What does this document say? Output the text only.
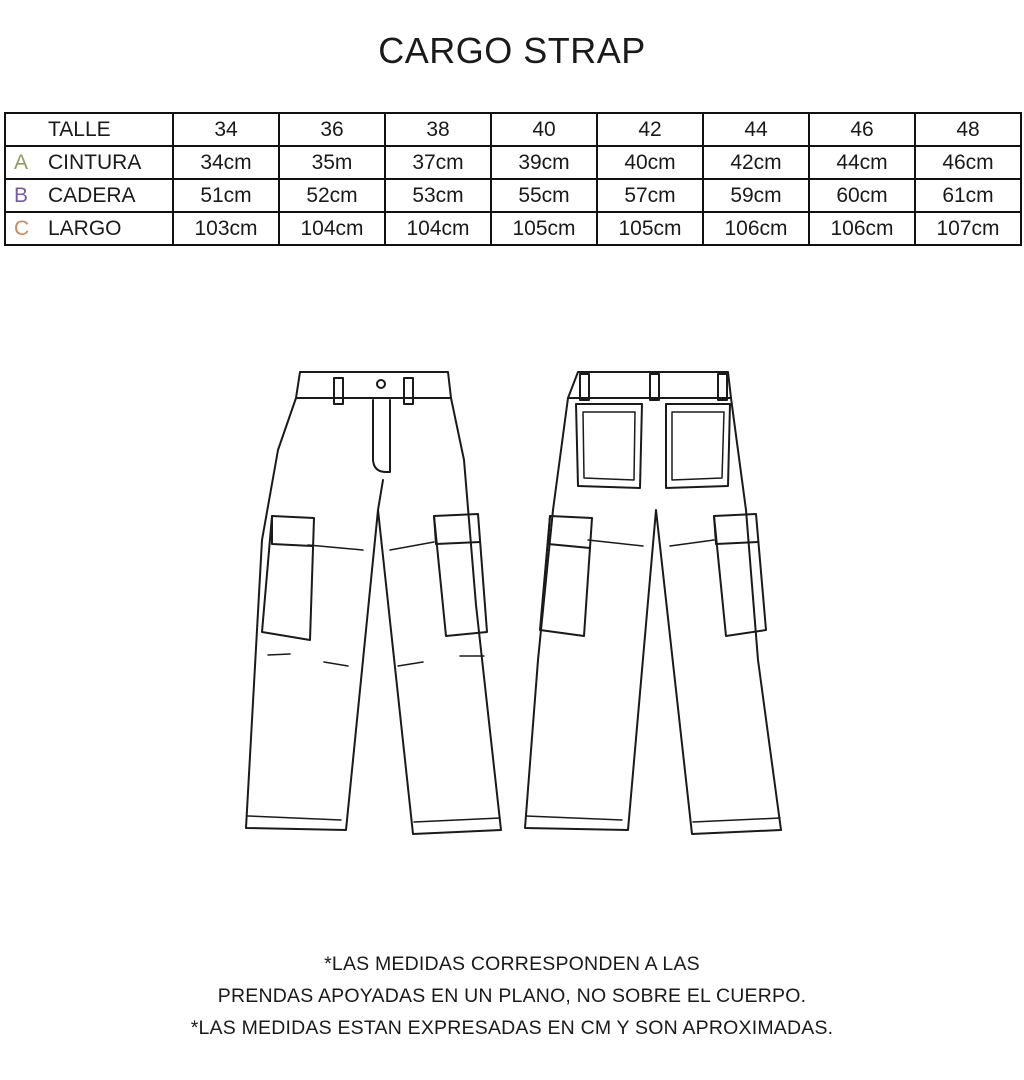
CARGO STRAP
TALLE	34	36	38	40	42	44	46	48
A CINTURA	34cm	35m	37cm	39cm	40cm	42cm	44cm	46cm
B CADERA	51cm	52cm	53cm	55cm	57cm	59cm	60cm	61cm
C LARGO	103cm	104cm	104cm	105cm	105cm	106cm	106cm	107cm
*LAS MEDIDAS CORRESPONDEN A LAS
PRENDAS APOYADAS EN UN PLANO, NO SOBRE EL CUERPO.
*LAS MEDIDAS ESTAN EXPRESADAS EN CM Y SON APROXIMADAS.
